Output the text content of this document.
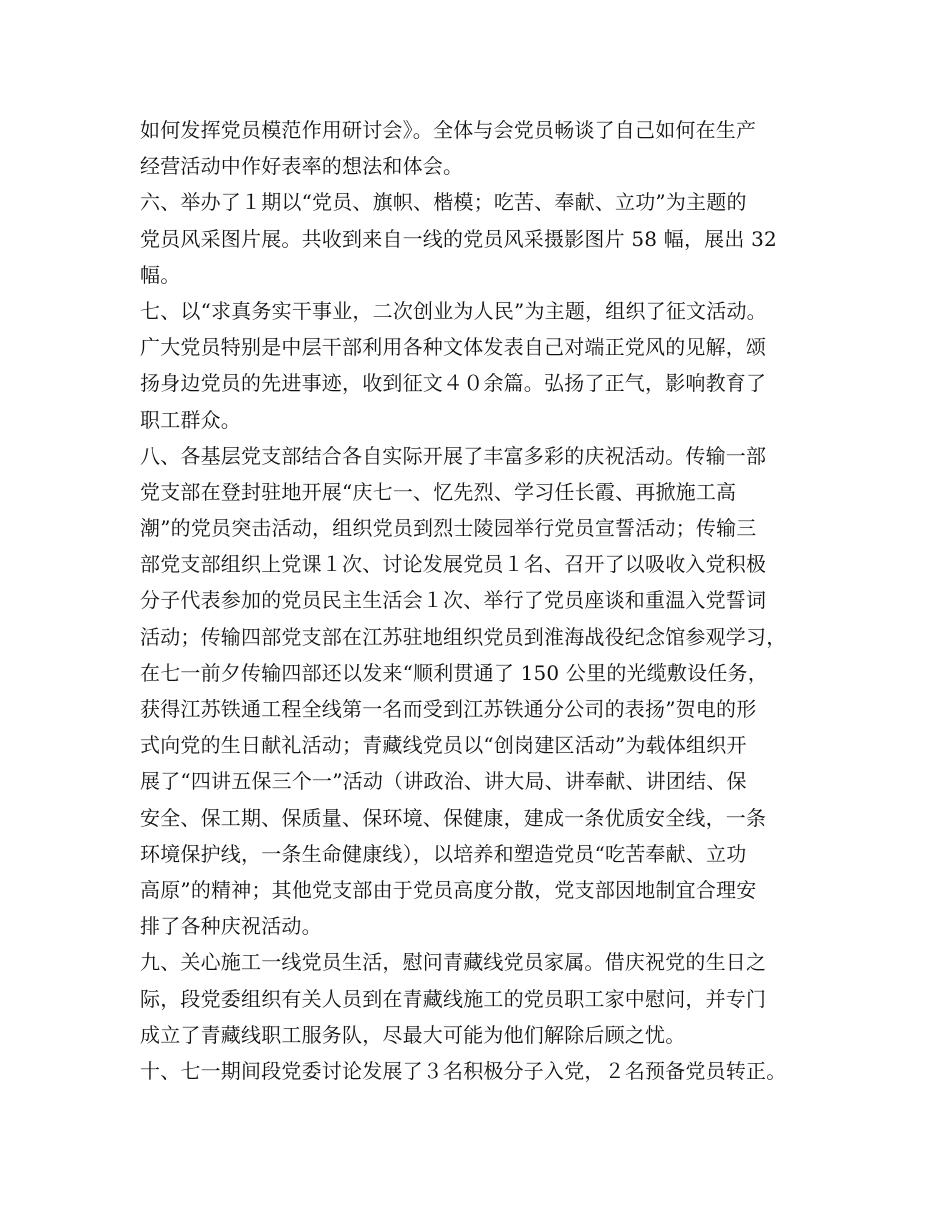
如何发挥党员模范作用研讨会》。全体与会党员畅谈了自己如何在生产
经营活动中作好表率的想法和体会。
六、举办了１期以“党员、旗帜、楷模；吃苦、奉献、立功”为主题的
党员风采图片展。共收到来自一线的党员风采摄影图片 58 幅，展出 32
幅。
七、以“求真务实干事业，二次创业为人民”为主题，组织了征文活动。
广大党员特别是中层干部利用各种文体发表自己对端正党风的见解，颂
扬身边党员的先进事迹，收到征文４０余篇。弘扬了正气，影响教育了
职工群众。
八、各基层党支部结合各自实际开展了丰富多彩的庆祝活动。传输一部
党支部在登封驻地开展“庆七一、忆先烈、学习任长霞、再掀施工高
潮”的党员突击活动，组织党员到烈士陵园举行党员宣誓活动；传输三
部党支部组织上党课１次、讨论发展党员１名、召开了以吸收入党积极
分子代表参加的党员民主生活会１次、举行了党员座谈和重温入党誓词
活动；传输四部党支部在江苏驻地组织党员到淮海战役纪念馆参观学习，
在七一前夕传输四部还以发来“顺利贯通了 150 公里的光缆敷设任务，
获得江苏铁通工程全线第一名而受到江苏铁通分公司的表扬”贺电的形
式向党的生日献礼活动；青藏线党员以“创岗建区活动”为载体组织开
展了“四讲五保三个一”活动（讲政治、讲大局、讲奉献、讲团结、保
安全、保工期、保质量、保环境、保健康，建成一条优质安全线，一条
环境保护线，一条生命健康线），以培养和塑造党员“吃苦奉献、立功
高原”的精神；其他党支部由于党员高度分散，党支部因地制宜合理安
排了各种庆祝活动。
九、关心施工一线党员生活，慰问青藏线党员家属。借庆祝党的生日之
际，段党委组织有关人员到在青藏线施工的党员职工家中慰问，并专门
成立了青藏线职工服务队，尽最大可能为他们解除后顾之忧。
十、七一期间段党委讨论发展了３名积极分子入党，２名预备党员转正。
